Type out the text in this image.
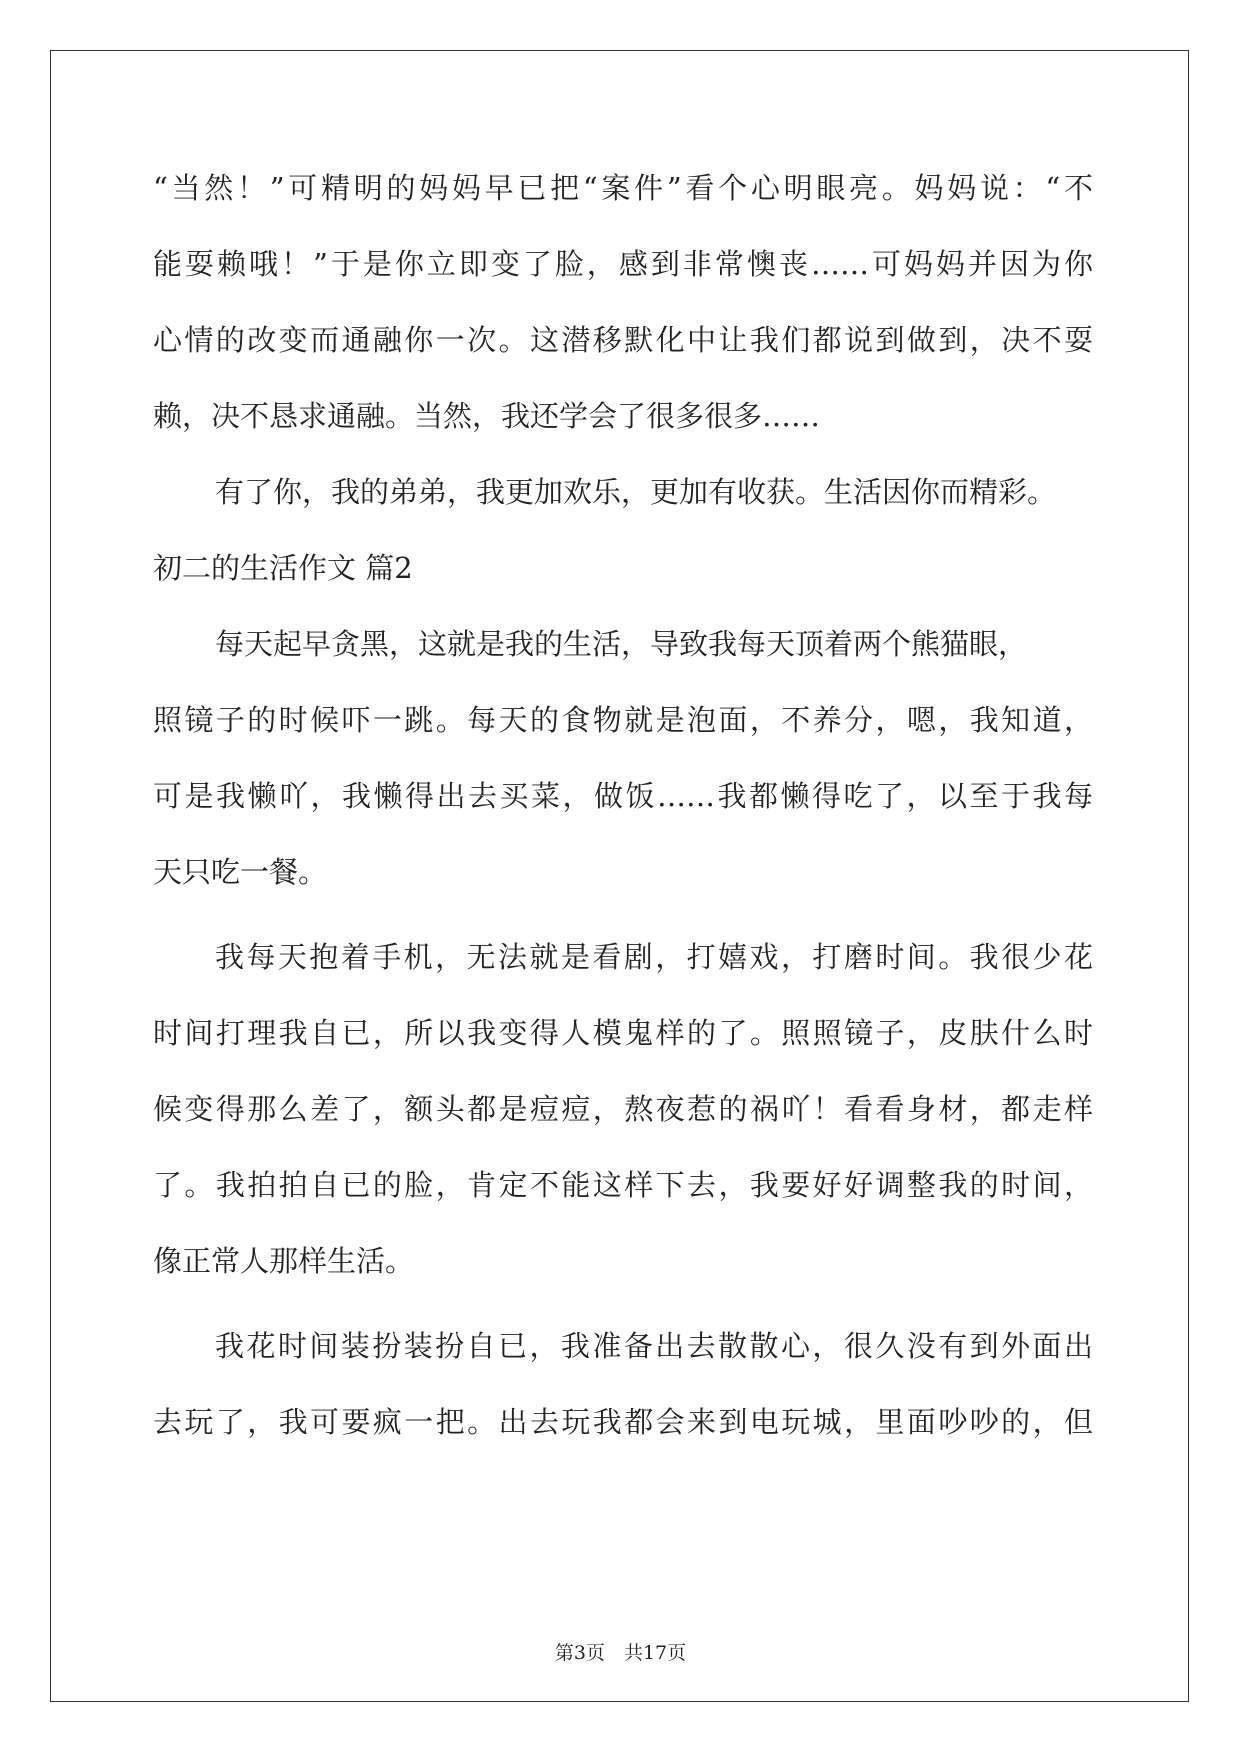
“当然！”可精明的妈妈早已把“案件”看个心明眼亮。妈妈说：“不
能耍赖哦！”于是你立即变了脸，感到非常懊丧……可妈妈并因为你
心情的改变而通融你一次。这潜移默化中让我们都说到做到，决不耍
赖，决不恳求通融。当然，我还学会了很多很多……
有了你，我的弟弟，我更加欢乐，更加有收获。生活因你而精彩。
初二的生活作文 篇2
每天起早贪黑，这就是我的生活，导致我每天顶着两个熊猫眼，
照镜子的时候吓一跳。每天的食物就是泡面，不养分，嗯，我知道，
可是我懒吖，我懒得出去买菜，做饭……我都懒得吃了，以至于我每
天只吃一餐。
我每天抱着手机，无法就是看剧，打嬉戏，打磨时间。我很少花
时间打理我自已，所以我变得人模鬼样的了。照照镜子，皮肤什么时
候变得那么差了，额头都是痘痘，熬夜惹的祸吖！看看身材，都走样
了。我拍拍自已的脸，肯定不能这样下去，我要好好调整我的时间，
像正常人那样生活。
我花时间装扮装扮自已，我准备出去散散心，很久没有到外面出
去玩了，我可要疯一把。出去玩我都会来到电玩城，里面吵吵的，但
第3页　共17页
